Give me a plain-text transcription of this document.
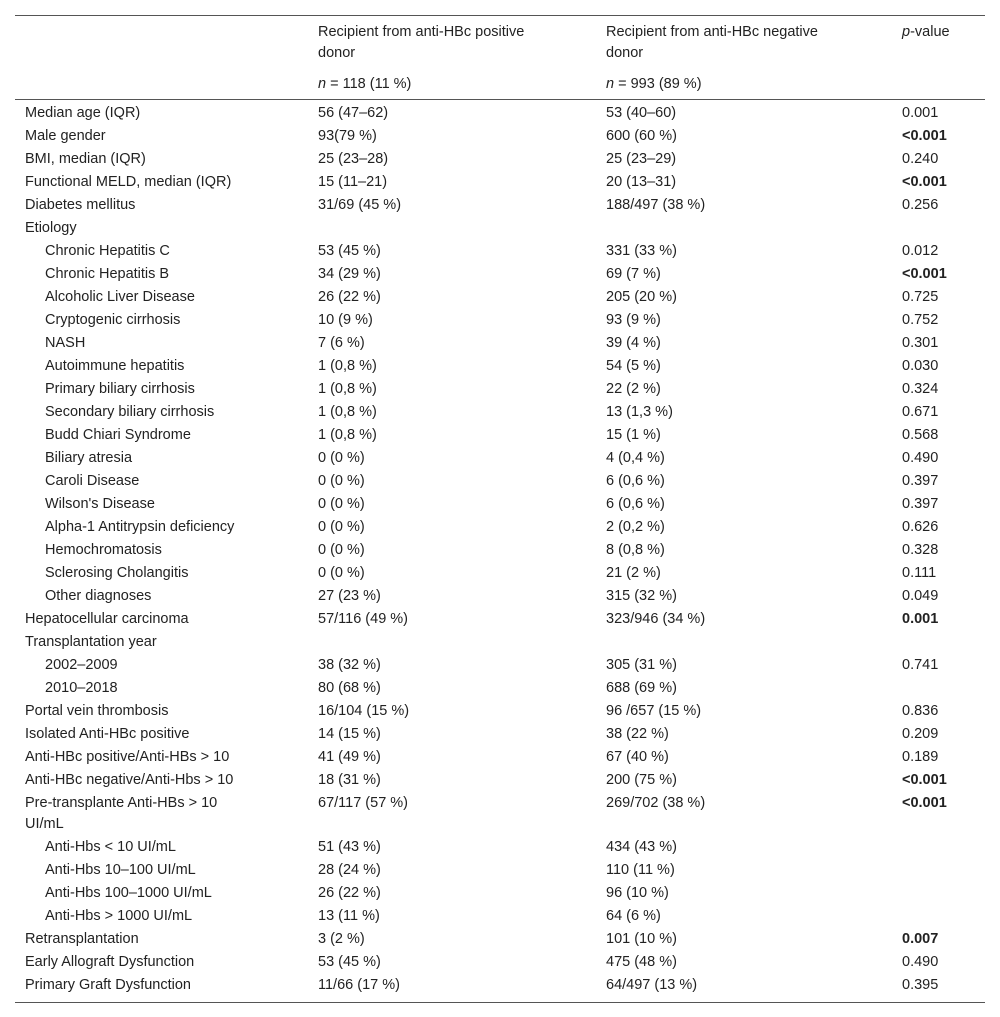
Recipient from anti-HBc positive
donor
n = 118 (11 %)
Recipient from anti-HBc negative
donor
n = 993 (89 %)
p-value
Median age (IQR)	56 (47–62)	53 (40–60)	0.001
Male gender	93(79 %)	600 (60 %)	<0.001
BMI, median (IQR)	25 (23–28)	25 (23–29)	0.240
Functional MELD, median (IQR)	15 (11–21)	20 (13–31)	<0.001
Diabetes mellitus	31/69 (45 %)	188/497 (38 %)	0.256
Etiology
Chronic Hepatitis C	53 (45 %)	331 (33 %)	0.012
Chronic Hepatitis B	34 (29 %)	69 (7 %)	<0.001
Alcoholic Liver Disease	26 (22 %)	205 (20 %)	0.725
Cryptogenic cirrhosis	10 (9 %)	93 (9 %)	0.752
NASH	7 (6 %)	39 (4 %)	0.301
Autoimmune hepatitis	1 (0,8 %)	54 (5 %)	0.030
Primary biliary cirrhosis	1 (0,8 %)	22 (2 %)	0.324
Secondary biliary cirrhosis	1 (0,8 %)	13 (1,3 %)	0.671
Budd Chiari Syndrome	1 (0,8 %)	15 (1 %)	0.568
Biliary atresia	0 (0 %)	4 (0,4 %)	0.490
Caroli Disease	0 (0 %)	6 (0,6 %)	0.397
Wilson's Disease	0 (0 %)	6 (0,6 %)	0.397
Alpha-1 Antitrypsin deficiency	0 (0 %)	2 (0,2 %)	0.626
Hemochromatosis	0 (0 %)	8 (0,8 %)	0.328
Sclerosing Cholangitis	0 (0 %)	21 (2 %)	0.111
Other diagnoses	27 (23 %)	315 (32 %)	0.049
Hepatocellular carcinoma	57/116 (49 %)	323/946 (34 %)	0.001
Transplantation year
2002–2009	38 (32 %)	305 (31 %)	0.741
2010–2018	80 (68 %)	688 (69 %)
Portal vein thrombosis	16/104 (15 %)	96 /657 (15 %)	0.836
Isolated Anti-HBc positive	14 (15 %)	38 (22 %)	0.209
Anti-HBc positive/Anti-HBs > 10	41 (49 %)	67 (40 %)	0.189
Anti-HBc negative/Anti-Hbs > 10	18 (31 %)	200 (75 %)	<0.001
Pre-transplante Anti-HBs > 10	67/117 (57 %)	269/702 (38 %)	<0.001
UI/mL
Anti-Hbs < 10 UI/mL	51 (43 %)	434 (43 %)
Anti-Hbs 10–100 UI/mL	28 (24 %)	110 (11 %)
Anti-Hbs 100–1000 UI/mL	26 (22 %)	96 (10 %)
Anti-Hbs > 1000 UI/mL	13 (11 %)	64 (6 %)
Retransplantation	3 (2 %)	101 (10 %)	0.007
Early Allograft Dysfunction	53 (45 %)	475 (48 %)	0.490
Primary Graft Dysfunction	11/66 (17 %)	64/497 (13 %)	0.395
